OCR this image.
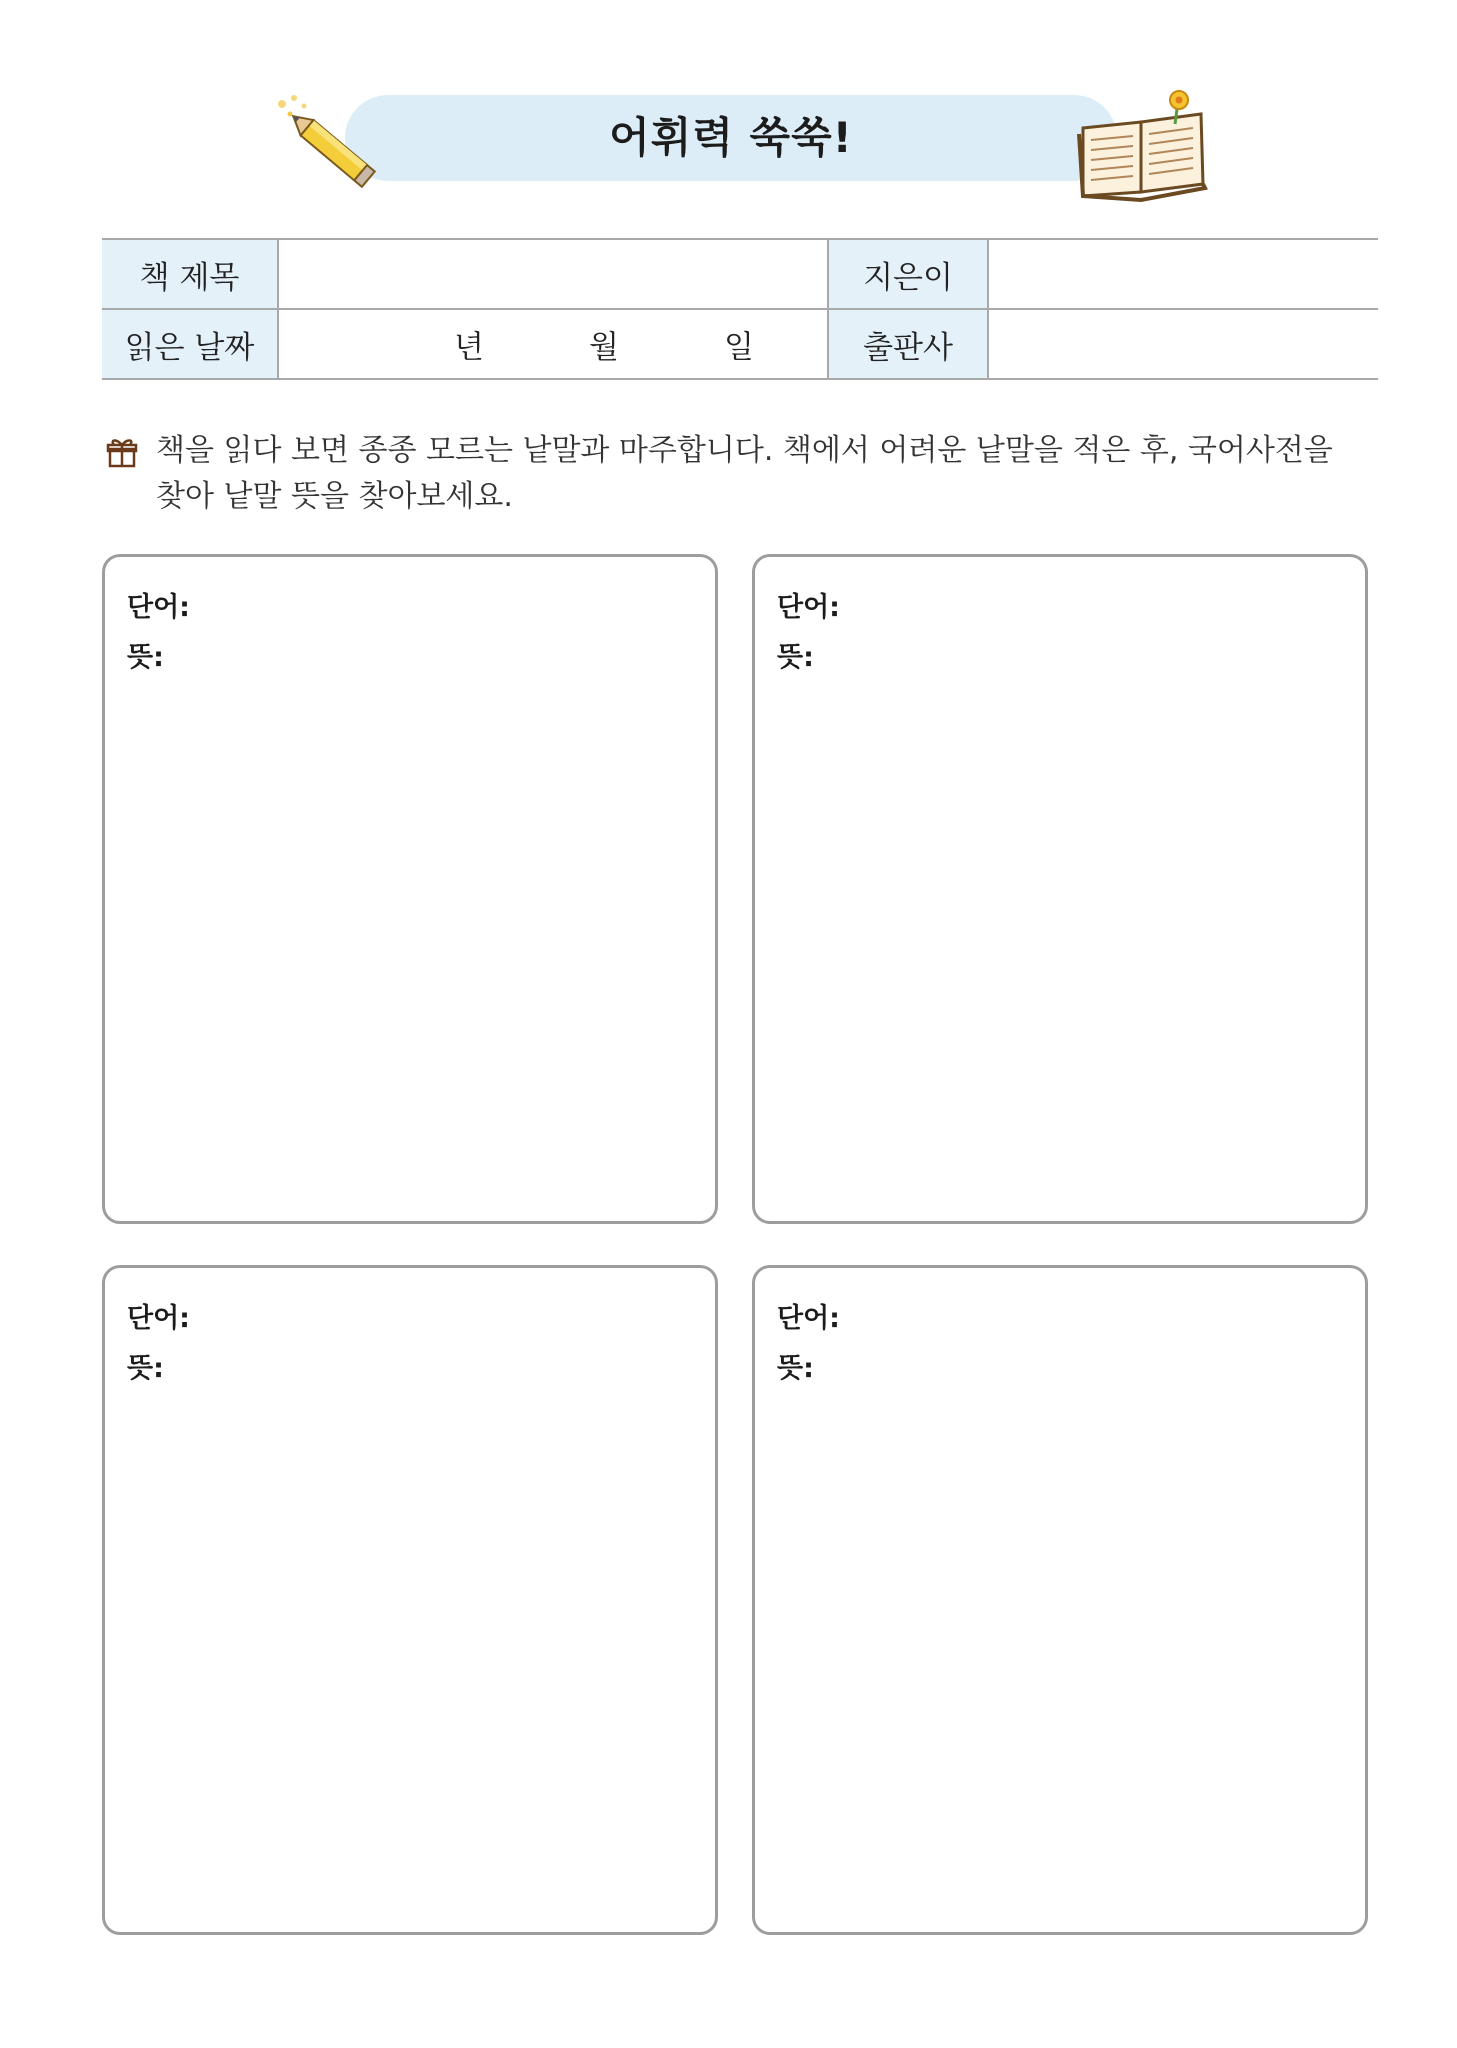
어휘력 쑥쑥!
책 제목		지은이	
읽은 날짜	년 월 일	출판사	
책을 읽다 보면 종종 모르는 낱말과 마주합니다. 책에서 어려운 낱말을 적은 후, 국어사전을 찾아 낱말 뜻을 찾아보세요.
단어:
뜻:
단어:
뜻:
단어:
뜻:
단어:
뜻:
